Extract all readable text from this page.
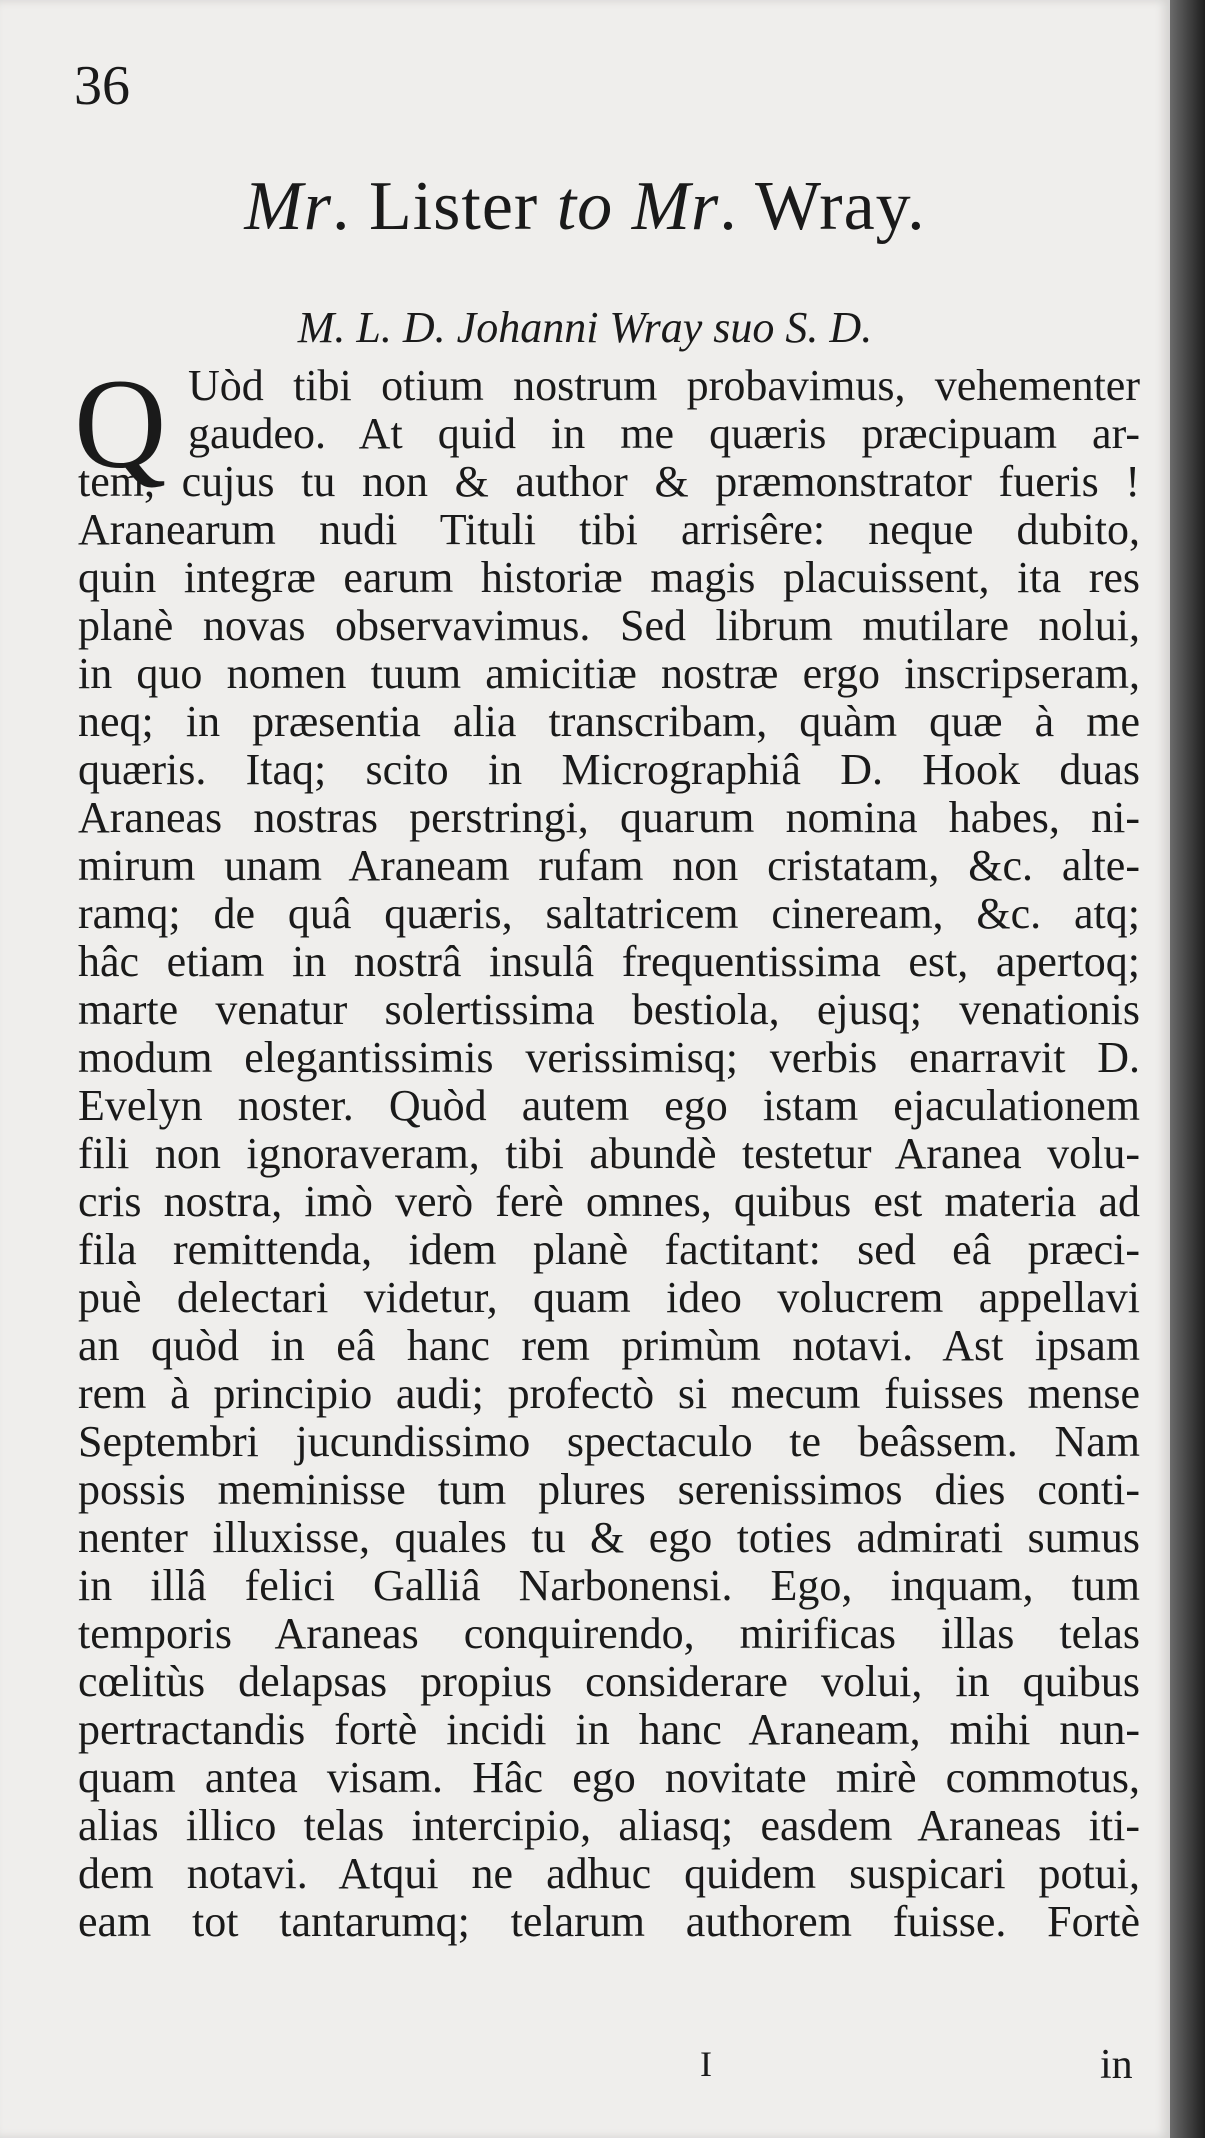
36
Mr. Lister to Mr. Wray.
M. L. D. Johanni Wray suo S. D.
Q Uòd tibi otium nostrum probavimus, vehementer
gaudeo. At quid in me quæris præcipuam ar-
tem, cujus tu non & author & præmonstrator fueris !
Aranearum nudi Tituli tibi arrisêre: neque dubito,
quin integræ earum historiæ magis placuissent, ita res
planè novas observavimus. Sed librum mutilare nolui,
in quo nomen tuum amicitiæ nostræ ergo inscripseram,
neq; in præsentia alia transcribam, quàm quæ à me
quæris. Itaq; scito in Micrographiâ D. Hook duas
Araneas nostras perstringi, quarum nomina habes, ni-
mirum unam Araneam rufam non cristatam, &c. alte-
ramq; de quâ quæris, saltatricem cineream, &c. atq;
hâc etiam in nostrâ insulâ frequentissima est, apertoq;
marte venatur solertissima bestiola, ejusq; venationis
modum elegantissimis verissimisq; verbis enarravit D.
Evelyn noster. Quòd autem ego istam ejaculationem
fili non ignoraveram, tibi abundè testetur Aranea volu-
cris nostra, imò verò ferè omnes, quibus est materia ad
fila remittenda, idem planè factitant: sed eâ præci-
puè delectari videtur, quam ideo volucrem appellavi
an quòd in eâ hanc rem primùm notavi. Ast ipsam
rem à principio audi; profectò si mecum fuisses mense
Septembri jucundissimo spectaculo te beâssem. Nam
possis meminisse tum plures serenissimos dies conti-
nenter illuxisse, quales tu & ego toties admirati sumus
in illâ felici Galliâ Narbonensi. Ego, inquam, tum
temporis Araneas conquirendo, mirificas illas telas
cœlitùs delapsas propius considerare volui, in quibus
pertractandis fortè incidi in hanc Araneam, mihi nun-
quam antea visam. Hâc ego novitate mirè commotus,
alias illico telas intercipio, aliasq; easdem Araneas iti-
dem notavi. Atqui ne adhuc quidem suspicari potui,
eam tot tantarumq; telarum authorem fuisse. Fortè
I	in
